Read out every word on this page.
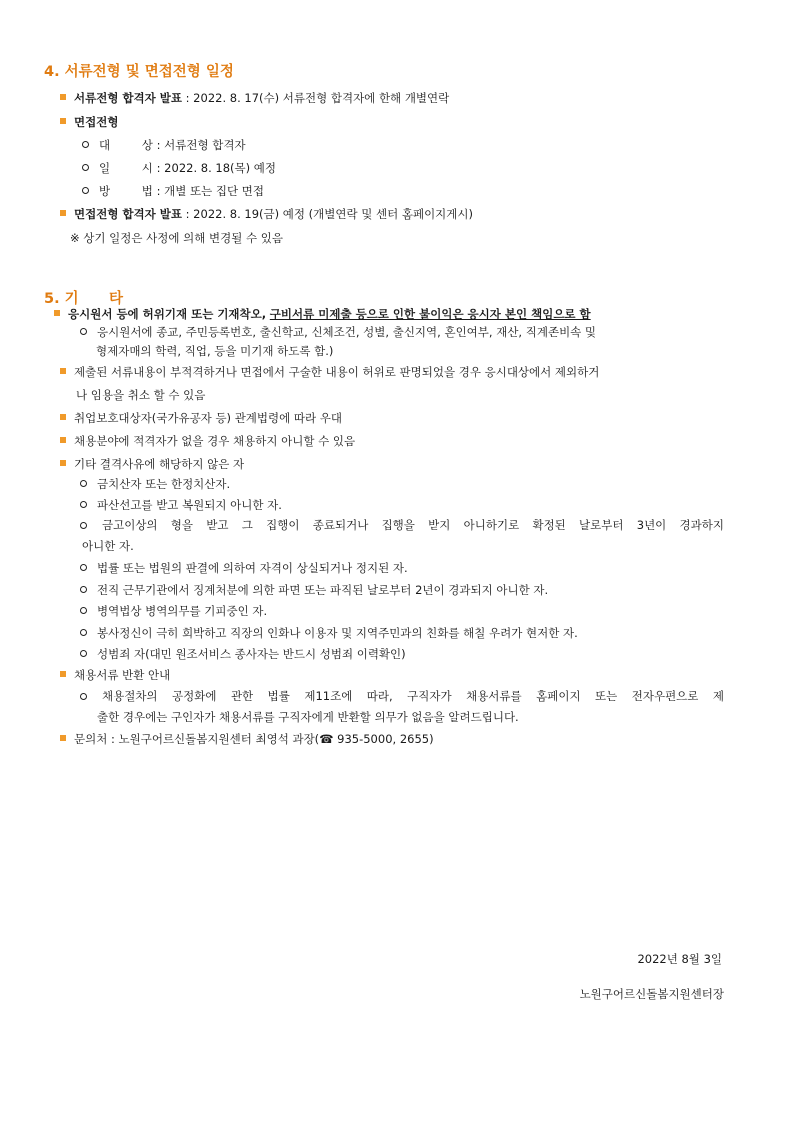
4. 서류전형 및 면접전형 일정
서류전형 합격자 발표 : 2022. 8. 17(수) 서류전형 합격자에 한해 개별연락
면접전형
대 상 : 서류전형 합격자
일 시 : 2022. 8. 18(목) 예정
방 법 : 개별 또는 집단 면접
면접전형 합격자 발표 : 2022. 8. 19(금) 예정 (개별연락 및 센터 홈페이지게시)
※ 상기 일정은 사정에 의해 변경될 수 있음
5. 기      타
응시원서 등에 허위기재 또는 기재착오, 구비서류 미제출 등으로 인한 불이익은 응시자 본인 책임으로 함
응시원서에 종교, 주민등록번호, 출신학교, 신체조건, 성별, 출신지역, 혼인여부, 재산, 직계존비속 및
형제자매의 학력, 직업, 등을 미기재 하도록 함.)
제출된 서류내용이 부적격하거나 면접에서 구술한 내용이 허위로 판명되었을 경우 응시대상에서 제외하거
나 임용을 취소 할 수 있음
취업보호대상자(국가유공자 등) 관계법령에 따라 우대
채용분야에 적격자가 없을 경우 채용하지 아니할 수 있음
기타 결격사유에 해당하지 않은 자
금치산자 또는 한정치산자.
파산선고를 받고 복원되지 아니한 자.
금고이상의 형을 받고 그 집행이 종료되거나 집행을 받지 아니하기로 확정된 날로부터 3년이 경과하지
아니한 자.
법률 또는 법원의 판결에 의하여 자격이 상실되거나 정지된 자.
전직 근무기관에서 징계처분에 의한 파면 또는 파직된 날로부터 2년이 경과되지 아니한 자.
병역법상 병역의무를 기피중인 자.
봉사정신이 극히 희박하고 직장의 인화나 이용자 및 지역주민과의 친화를 해칠 우려가 현저한 자.
성범죄 자(대민 원조서비스 종사자는 반드시 성범죄 이력확인)
채용서류 반환 안내
채용절차의 공정화에 관한 법률 제11조에 따라, 구직자가 채용서류를 홈페이지 또는 전자우편으로 제
출한 경우에는 구인자가 채용서류를 구직자에게 반환할 의무가 없음을 알려드립니다.
문의처 : 노원구어르신돌봄지원센터 최영석 과장(☎ 935-5000, 2655)
2022년 8월 3일
노원구어르신돌봄지원센터장
